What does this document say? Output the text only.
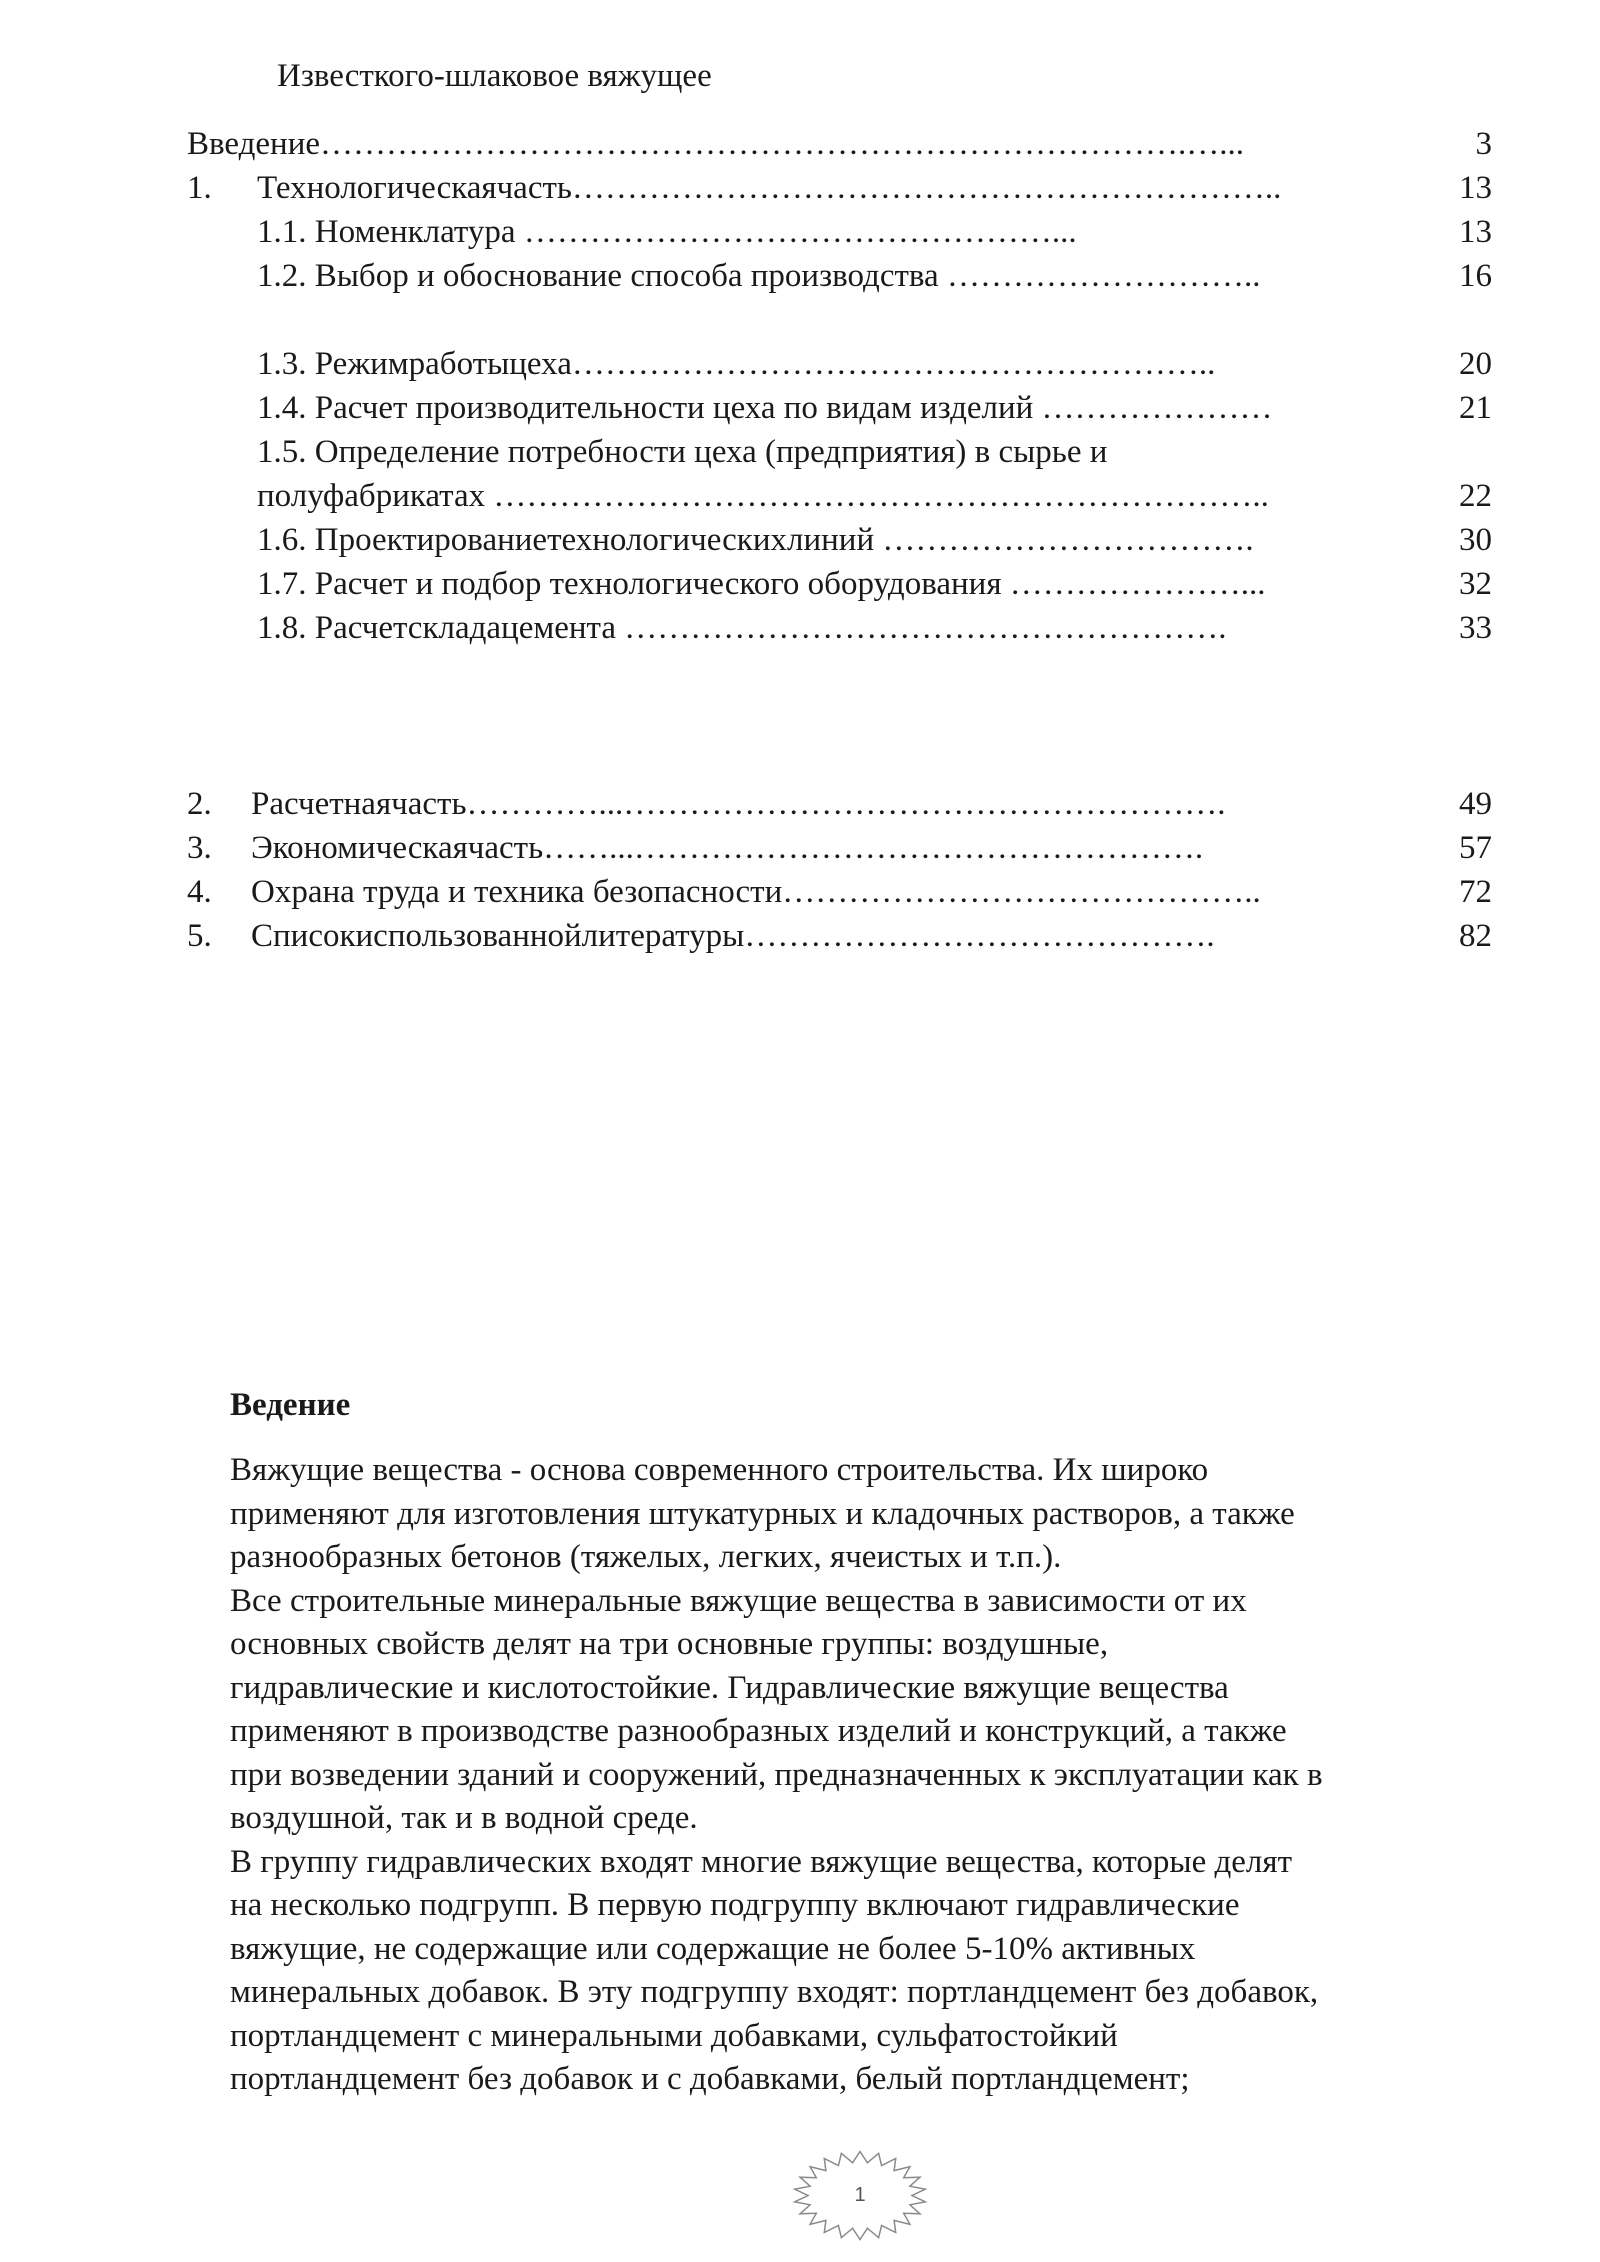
Известкого-шлаковое вяжущее
Введение…………………………………………………………………….…...	3
1. Технологическаячасть………………………………………………………..	13
1.1. Номенклатура …………………………………………...	13
1.2. Выбор и обоснование способа производства ………………………..	16
1.3. Режимработыцеха…………………………………………………..	20
1.4. Расчет производительности цеха по видам изделий …………………	21
1.5. Определение потребности цеха (предприятия) в сырье и
полуфабрикатах ……………………………………………………………..	22
1.6. Проектированиетехнологическихлиний …………………………….	30
1.7. Расчет и подбор технологического оборудования …………………...	32
1.8. Расчетскладацемента ……………………………………………….	33
2. Расчетнаячасть…………...……………………………………………….	49
3. Экономическаячасть……...…………………………………………….	57
4. Охрана труда и техника безопасности……………………………………..	72
5. Списокиспользованнойлитературы…………………………………….	82
Ведение

Вяжущие вещества - основа современного строительства. Их широко
применяют для изготовления штукатурных и кладочных растворов, а также
разнообразных бетонов (тяжелых, легких, ячеистых и т.п.).
Все строительные минеральные вяжущие вещества в зависимости от их
основных свойств делят на три основные группы: воздушные,
гидравлические и кислотостойкие. Гидравлические вяжущие вещества
применяют в производстве разнообразных изделий и конструкций, а также
при возведении зданий и сооружений, предназначенных к эксплуатации как в
воздушной, так и в водной среде.
В группу гидравлических входят многие вяжущие вещества, которые делят
на несколько подгрупп. В первую подгруппу включают гидравлические
вяжущие, не содержащие или содержащие не более 5-10% активных
минеральных добавок. В эту подгруппу входят: портландцемент без добавок,
портландцемент с минеральными добавками, сульфатостойкий
портландцемент без добавок и с добавками, белый портландцемент;

1
